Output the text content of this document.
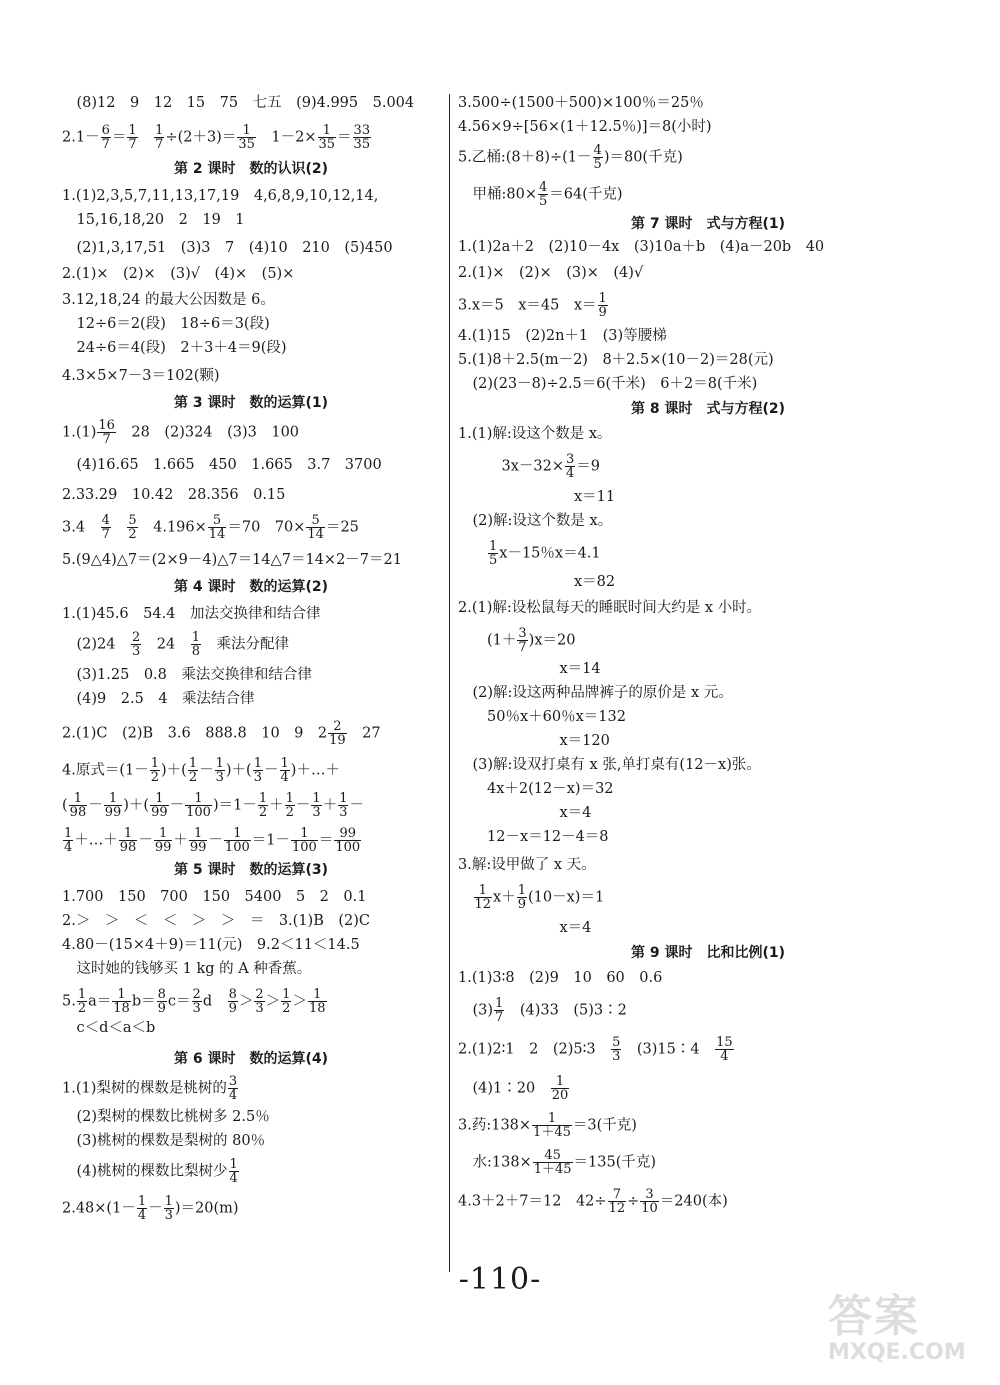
　(8)12　9　12　15　75　七五　(9)4.995　5.004
$2.1- \frac{6}{7} = \frac{1}{7}$
　 $\frac{1}{7} \div(2+3)= \frac{1}{35}$ 　$1-2\times \frac{1}{35} = \frac{33}{35}$
第 2 课时　数的认识(2)
1.(1)2,3,5,7,11,13,17,19　4,6,8,9,10,12,14,
　15,16,18,20　2　19　1
　(2)1,3,17,51　(3)3　7　(4)10　210　(5)450
2.(1)×　(2)×　(3)√　(4)×　(5)×
3.12,18,24 的最大公因数是 6。
　12÷6＝2(段)　18÷6＝3(段)
　24÷6＝4(段)　2＋3＋4＝9(段)
4.3×5×7－3＝102(颗)
第 3 课时　数的运算(1)
$1.(1) \frac{16}{7}$ 　28　(2)324　(3)3　100
　(4)16.65　1.665　450　1.665　3.7　3700
2.33.29　10.42　28.356　0.15
3.4　 $\frac{4}{7}$
　 $\frac{5}{2}$ 　$4.196\times \frac{5}{14} =70$　$70\times \frac{5}{14} =25$
5.(9△4)△7＝(2×9－4)△7＝14△7＝14×2－7＝21
第 4 课时　数的运算(2)
1.(1)45.6　54.4　加法交换律和结合律
　(2)24　 $\frac{2}{3}$ 　24　 $\frac{1}{8}$ 　乘法分配律
　(3)1.25　0.8　乘法交换律和结合律
　(4)9　2.5　4　乘法结合律
2.(1)C　(2)B　3.6　888.8　10　9　$2 \frac{2}{19}$ 　27
4.原式$=(1- \frac{1}{2}$ )＋( $\frac{1}{2} - \frac{1}{3}$ )＋( $\frac{1}{3} - \frac{1}{4}$ )＋…＋
( $\frac{1}{98} - \frac{1}{99}$ )＋( $\frac{1}{99} - \frac{1}{100} )=1- \frac{1}{2} + \frac{1}{2} - \frac{1}{3} + \frac{1}{3}$ －
$\frac{1}{4}$ ＋…＋ $\frac{1}{98} - \frac{1}{99} + \frac{1}{99} - \frac{1}{100} =1- \frac{1}{100} = \frac{99}{100}$
第 5 课时　数的运算(3)
1.700　150　700　150　5400　5　2　0.1
2.＞　＞　＜　＜　＞　＞　＝　3.(1)B　(2)C
4.80－(15×4＋9)＝11(元)　9.2＜11＜14.5
　这时她的钱够买 1 kg 的 A 种香蕉。
5. $\frac{1}{2} a= \frac{1}{18} b= \frac{8}{9} c= \frac{2}{3}$ d　 $\frac{8}{9} > \frac{2}{3} > \frac{1}{2} > \frac{1}{18}$
　c＜d＜a＜b
第 6 课时　数的运算(4)
1.(1)梨树的棵数是桃树的 $\frac{3}{4}$
　(2)梨树的棵数比桃树多 2.5％
　(3)桃树的棵数是梨树的 80％
　(4)桃树的棵数比梨树少 $\frac{1}{4}$
$2.48\times(1- \frac{1}{4} - \frac{1}{3} )=20(m)$
3.500÷(1500＋500)×100％＝25％
4.56×9÷[56×(1＋12.5％)]＝8(小时)
5.乙桶:(8＋8)÷(1－ $\frac{4}{5} )=80$(千克)
　甲桶:80× $\frac{4}{5} =64$(千克)
第 7 课时　式与方程(1)
1.(1)2a＋2　(2)10－4x　(3)10a＋b　(4)a－20b　40
2.(1)×　(2)×　(3)×　(4)√
3.x＝5　x＝45　$x= \frac{1}{9}$
4.(1)15　(2)2n＋1　(3)等腰梯
5.(1)8＋2.5(m－2)　8＋2.5×(10－2)＝28(元)
　(2)(23－8)÷2.5＝6(千米)　6＋2＝8(千米)
第 8 课时　式与方程(2)
1.(1)解:设这个数是 x。
　　　$3x-32\times \frac{3}{4} =9$
　　　　　　　　x＝11
　(2)解:设这个数是 x。

$\frac{1}{5} x-15$％x＝4.1
　　　　　　　　x＝82
2.(1)解:设松鼠每天的睡眠时间大约是 x 小时。
　　$(1+ \frac{3}{7} )x=20$
　　　　　　　x＝14
　(2)解:设这两种品牌裤子的原价是 x 元。
　　50％x＋60％x＝132
　　　　　　　x＝120
　(3)解:设双打桌有 x 张,单打桌有(12－x)张。
　　4x＋2(12－x)＝32
　　　　　　　x＝4
　　12－x＝12－4＝8
3.解:设甲做了 x 天。

$\frac{1}{12} x+ \frac{1}{9} (10-x)=1$
　　　　　　　x＝4
第 9 课时　比和比例(1)
1.(1)3∶8　(2)9　10　60　0.6
　$(3) \frac{1}{7}$ 　(4)33　(5)3∶2
2.(1)2∶1　2　(2)5∶3　 $\frac{5}{3}$ 　(3)15∶4　 $\frac{15}{4}$
　(4)1∶20　 $\frac{1}{20}$
3.药:138× $\frac{1}{1+45} =3$(千克)
　水:138× $\frac{45}{1+45} =135$(千克)
4.3＋2＋7＝12　$42\div \frac{7}{12} \div \frac{3}{10} =240$(本)
-110-
答案
MXQE.COM
